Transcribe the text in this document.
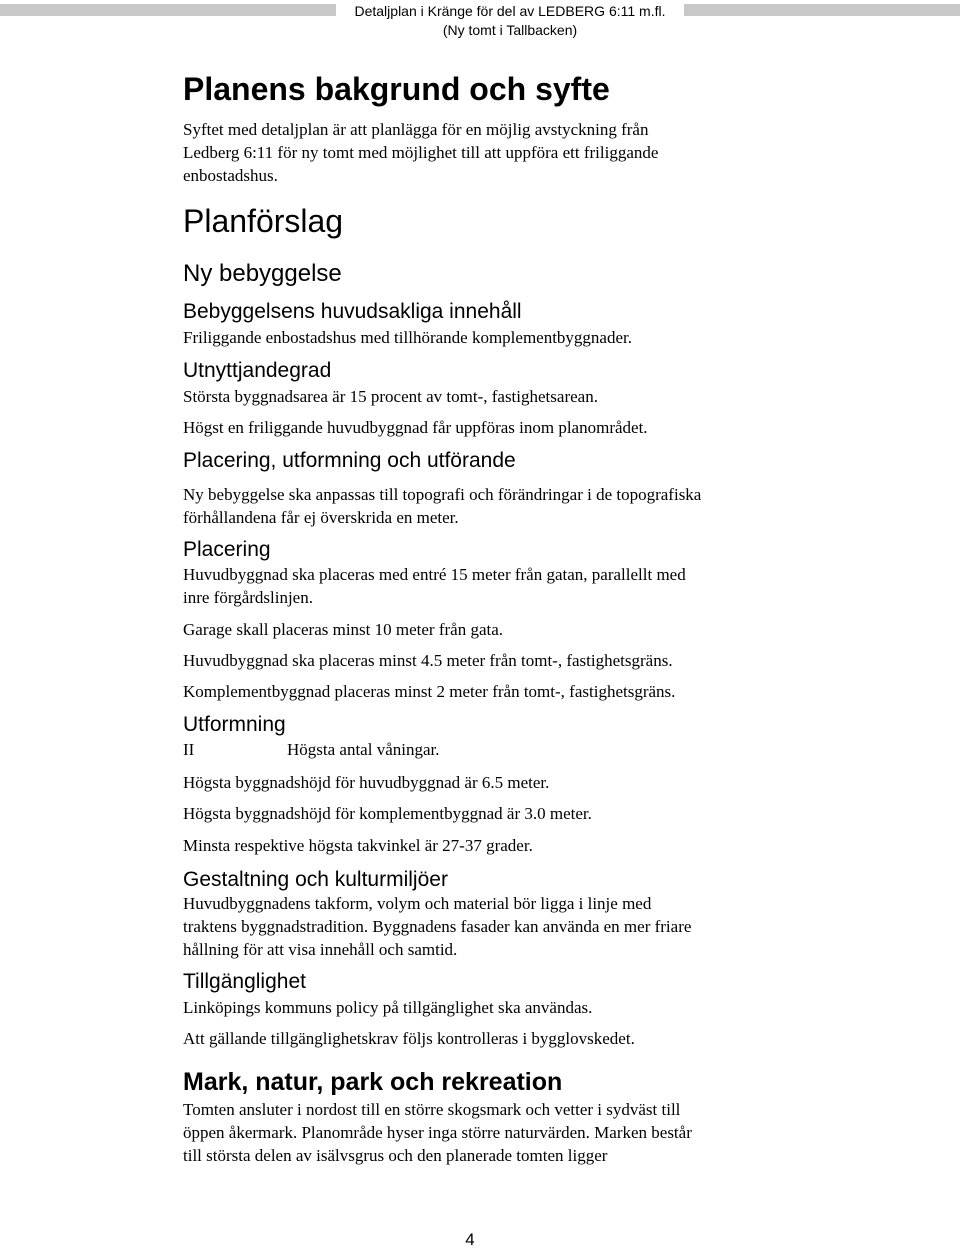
Detaljplan i Kränge för del av LEDBERG 6:11 m.fl.
(Ny tomt i Tallbacken)
Planens bakgrund och syfte
Syftet med detaljplan är att planlägga för en möjlig avstyckning från
Ledberg 6:11 för ny tomt med möjlighet till att uppföra ett friliggande
enbostadshus.
Planförslag
Ny bebyggelse
Bebyggelsens huvudsakliga innehåll
Friliggande enbostadshus med tillhörande komplementbyggnader.
Utnyttjandegrad
Största byggnadsarea är 15 procent av tomt-, fastighetsarean.
Högst en friliggande huvudbyggnad får uppföras inom planområdet.
Placering, utformning och utförande
Ny bebyggelse ska anpassas till topografi och förändringar i de topografiska
förhållandena får ej överskrida en meter.
Placering
Huvudbyggnad ska placeras med entré 15 meter från gatan, parallellt med
inre förgårdslinjen.
Garage skall placeras minst 10 meter från gata.
Huvudbyggnad ska placeras minst 4.5 meter från tomt-, fastighetsgräns.
Komplementbyggnad placeras minst 2 meter från tomt-, fastighetsgräns.
Utformning
II	Högsta antal våningar.
Högsta byggnadshöjd för huvudbyggnad är 6.5 meter.
Högsta byggnadshöjd för komplementbyggnad är 3.0 meter.
Minsta respektive högsta takvinkel är 27-37 grader.
Gestaltning och kulturmiljöer
Huvudbyggnadens takform, volym och material bör ligga i linje med
traktens byggnadstradition. Byggnadens fasader kan använda en mer friare
hållning för att visa innehåll och samtid.
Tillgänglighet
Linköpings kommuns policy på tillgänglighet ska användas.
Att gällande tillgänglighetskrav följs kontrolleras i bygglovskedet.
Mark, natur, park och rekreation
Tomten ansluter i nordost till en större skogsmark och vetter i sydväst till
öppen åkermark. Planområde hyser inga större naturvärden. Marken består
till största delen av isälvsgrus och den planerade tomten ligger
4
